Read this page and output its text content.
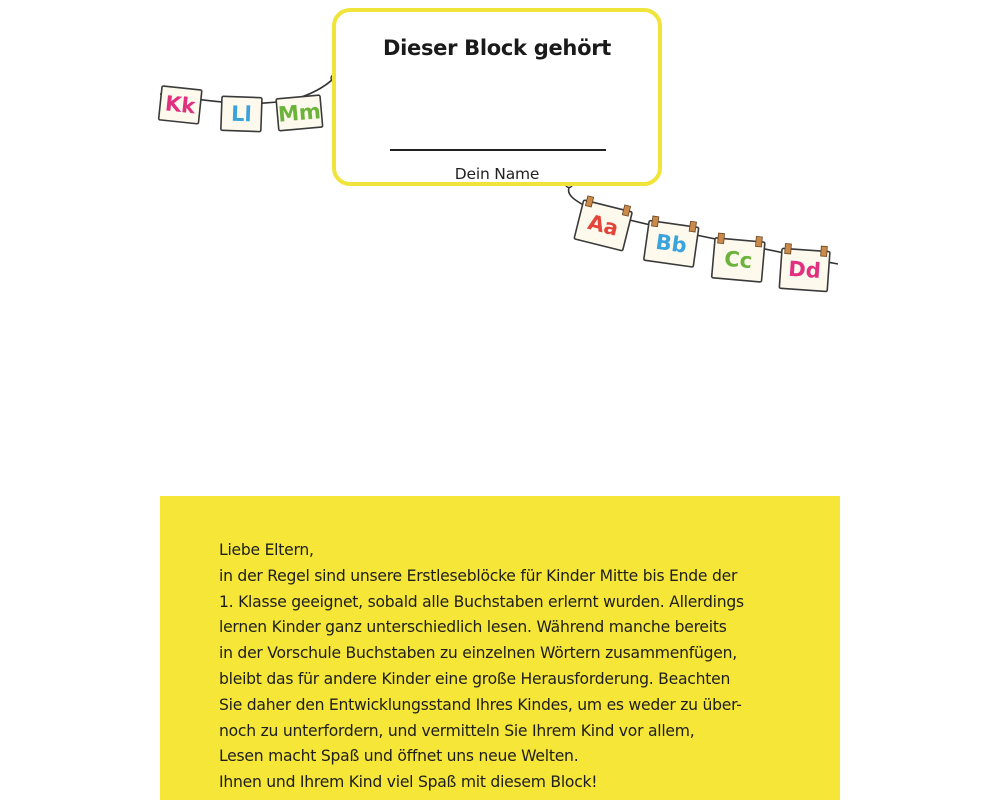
Kk Ll Mm
Aa
Bb
Cc Dd
Dieser Block gehört
Dein Name
Liebe Eltern,
in der Regel sind unsere Erstleseblöcke für Kinder Mitte bis Ende der
1. Klasse geeignet, sobald alle Buchstaben erlernt wurden. Allerdings
lernen Kinder ganz unterschiedlich lesen. Während manche bereits
in der Vorschule Buchstaben zu einzelnen Wörtern zusammenfügen,
bleibt das für andere Kinder eine große Herausforderung. Beachten
Sie daher den Entwicklungsstand Ihres Kindes, um es weder zu über-
noch zu unterfordern, und vermitteln Sie Ihrem Kind vor allem,
Lesen macht Spaß und öffnet uns neue Welten.
Ihnen und Ihrem Kind viel Spaß mit diesem Block!
